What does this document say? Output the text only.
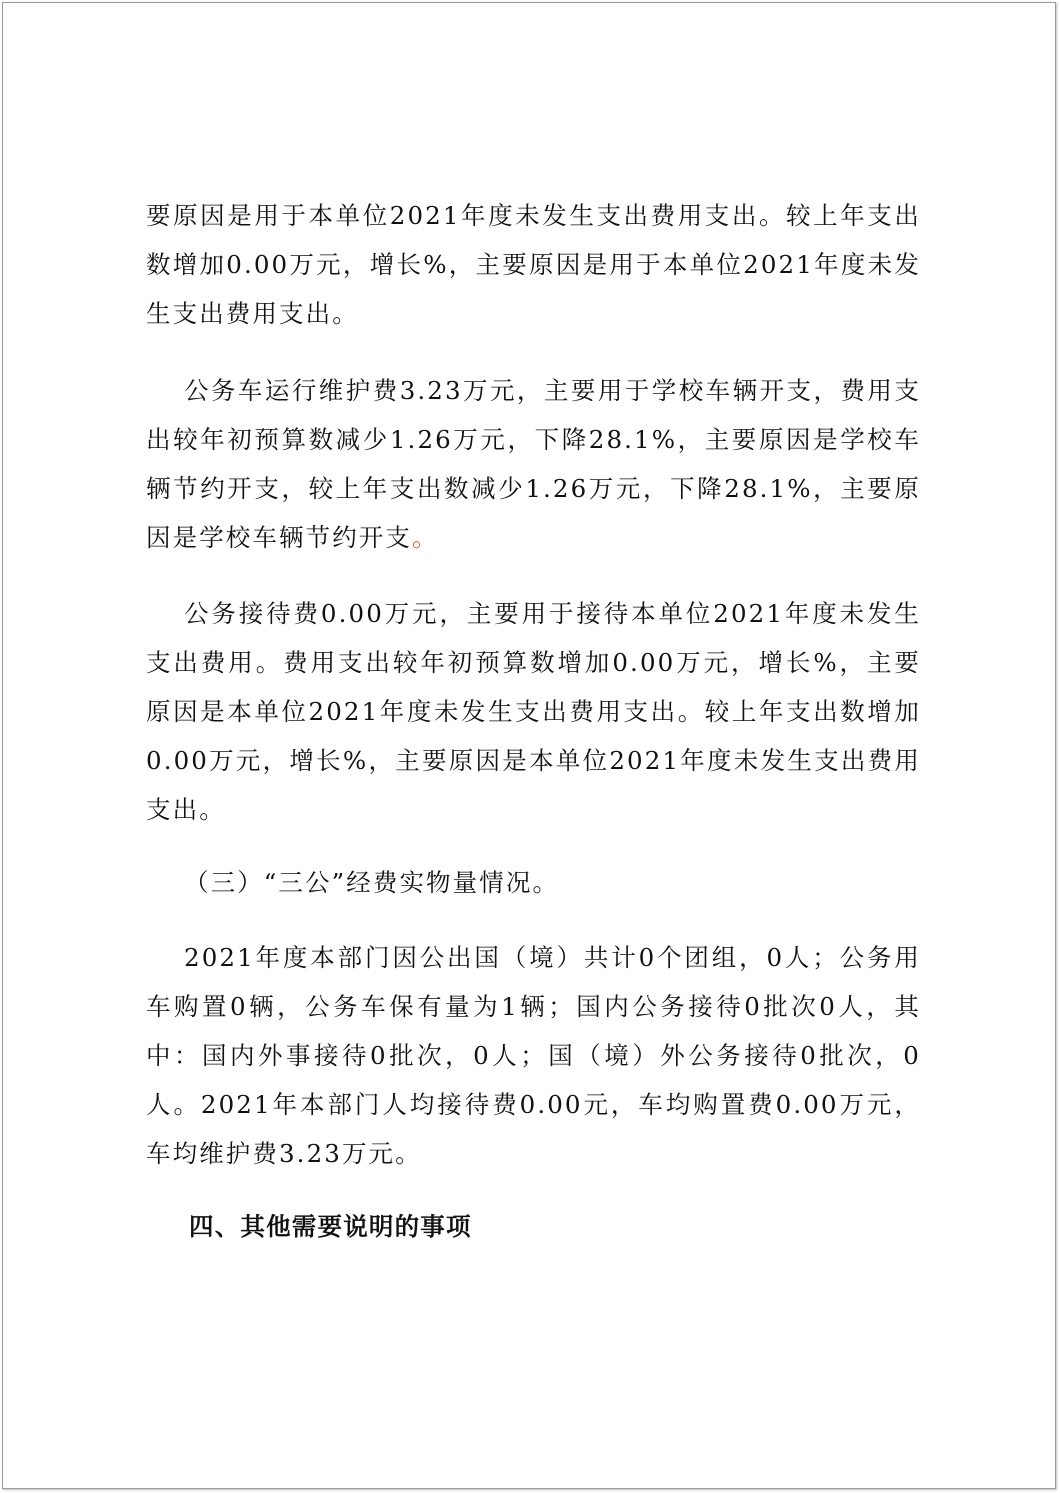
要原因是用于本单位2021年度未发生支出费用支出。较上年支出数增加0.00万元，增长%，主要原因是用于本单位2021年度未发生支出费用支出。

公务车运行维护费3.23万元，主要用于学校车辆开支，费用支出较年初预算数减少1.26万元，下降28.1%，主要原因是学校车辆节约开支，较上年支出数减少1.26万元，下降28.1%，主要原因是学校车辆节约开支。

公务接待费0.00万元，主要用于接待本单位2021年度未发生支出费用。费用支出较年初预算数增加0.00万元，增长%，主要原因是本单位2021年度未发生支出费用支出。较上年支出数增加0.00万元，增长%，主要原因是本单位2021年度未发生支出费用支出。

（三）“三公”经费实物量情况。

2021年度本部门因公出国（境）共计0个团组，0人；公务用车购置0辆，公务车保有量为1辆；国内公务接待0批次0人，其中：国内外事接待0批次，0人；国（境）外公务接待0批次，0人。2021年本部门人均接待费0.00元，车均购置费0.00万元，车均维护费3.23万元。

四、其他需要说明的事项
